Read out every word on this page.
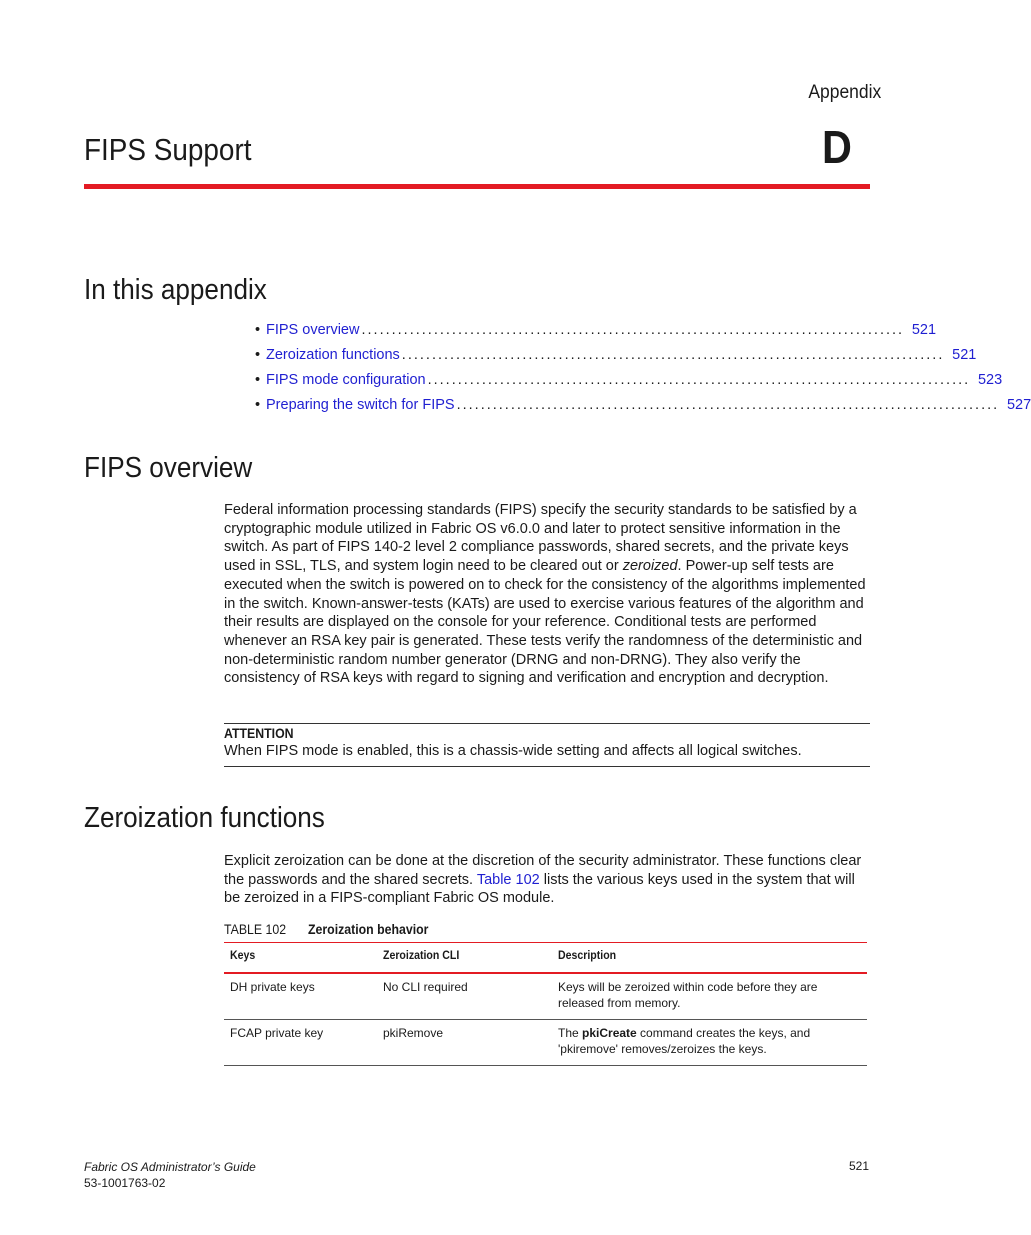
Appendix
D
FIPS Support
In this appendix
• FIPS overview .......................................................................................... 521
• Zeroization functions .......................................................................................... 521
• FIPS mode configuration .......................................................................................... 523
• Preparing the switch for FIPS .......................................................................................... 527
FIPS overview

Federal information processing standards (FIPS) specify the security standards to be satisfied by a cryptographic module utilized in Fabric OS v6.0.0 and later to protect sensitive information in the switch. As part of FIPS 140-2 level 2 compliance passwords, shared secrets, and the private keys used in SSL, TLS, and system login need to be cleared out or zeroized. Power-up self tests are executed when the switch is powered on to check for the consistency of the algorithms implemented in the switch. Known-answer-tests (KATs) are used to exercise various features of the algorithm and their results are displayed on the console for your reference. Conditional tests are performed whenever an RSA key pair is generated. These tests verify the randomness of the deterministic and non-deterministic random number generator (DRNG and non-DRNG). They also verify the consistency of RSA keys with regard to signing and verification and encryption and decryption.

ATTENTION
When FIPS mode is enabled, this is a chassis-wide setting and affects all logical switches.
Zeroization functions

Explicit zeroization can be done at the discretion of the security administrator. These functions clear the passwords and the shared secrets. Table 102 lists the various keys used in the system that will be zeroized in a FIPS-compliant Fabric OS module.

TABLE 102 Zeroization behavior
Keys	Zeroization CLI	Description
DH private keys	No CLI required	Keys will be zeroized within code before they are released from memory.
FCAP private key	pkiRemove	The pkiCreate command creates the keys, and 'pkiremove' removes/zeroizes the keys.
Fabric OS Administrator’s Guide
53-1001763-02
521
